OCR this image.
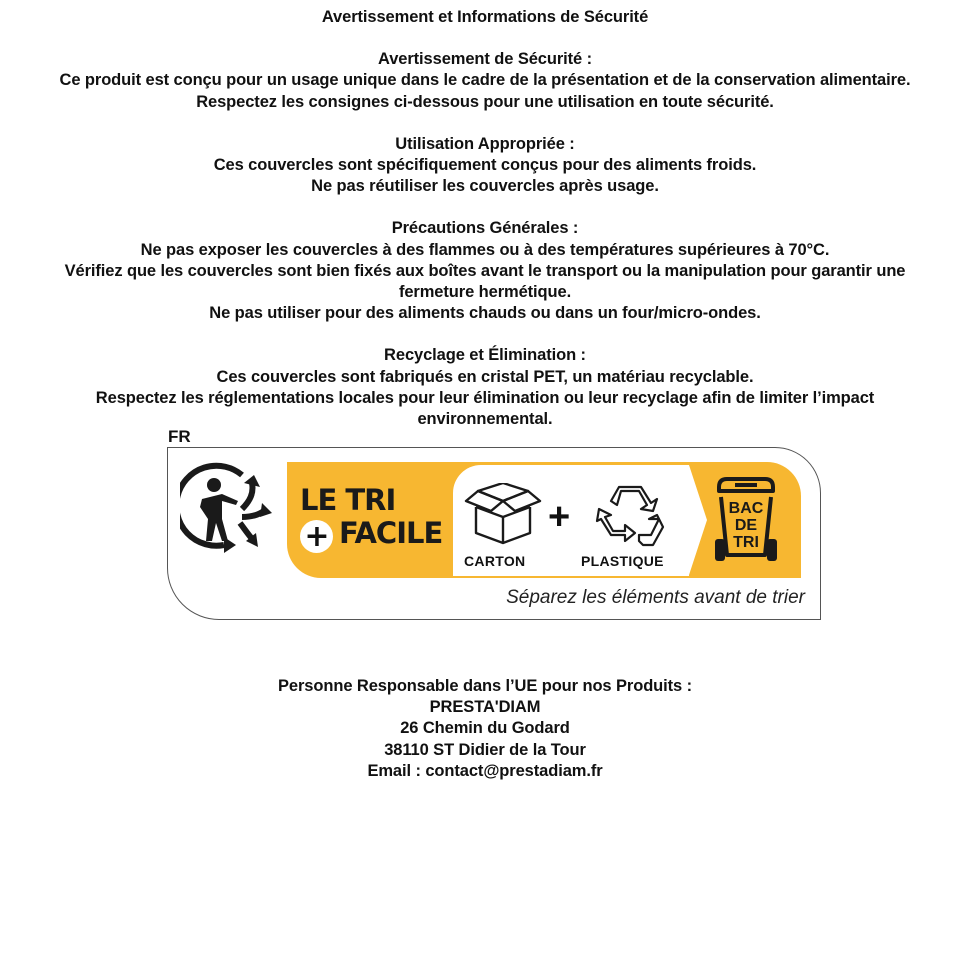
Avertissement et Informations de Sécurité

Avertissement de Sécurité :

Ce produit est conçu pour un usage unique dans le cadre de la présentation et de la conservation alimentaire.

Respectez les consignes ci-dessous pour une utilisation en toute sécurité.

Utilisation Appropriée :

Ces couvercles sont spécifiquement conçus pour des aliments froids.

Ne pas réutiliser les couvercles après usage.

Précautions Générales :

Ne pas exposer les couvercles à des flammes ou à des températures supérieures à 70°C.

Vérifiez que les couvercles sont bien fixés aux boîtes avant le transport ou la manipulation pour garantir une

fermeture hermétique.

Ne pas utiliser pour des aliments chauds ou dans un four/micro-ondes.

Recyclage et Élimination :

Ces couvercles sont fabriqués en cristal PET, un matériau recyclable.

Respectez les réglementations locales pour leur élimination ou leur recyclage afin de limiter l’impact

environnemental.

FR
LE TRI
+ FACILE
CARTON
+
PLASTIQUE
BAC
DE
TRI
Séparez les éléments avant de trier

Personne Responsable dans l’UE pour nos Produits :

PRESTA'DIAM

26 Chemin du Godard

38110 ST Didier de la Tour

Email : contact@prestadiam.fr
